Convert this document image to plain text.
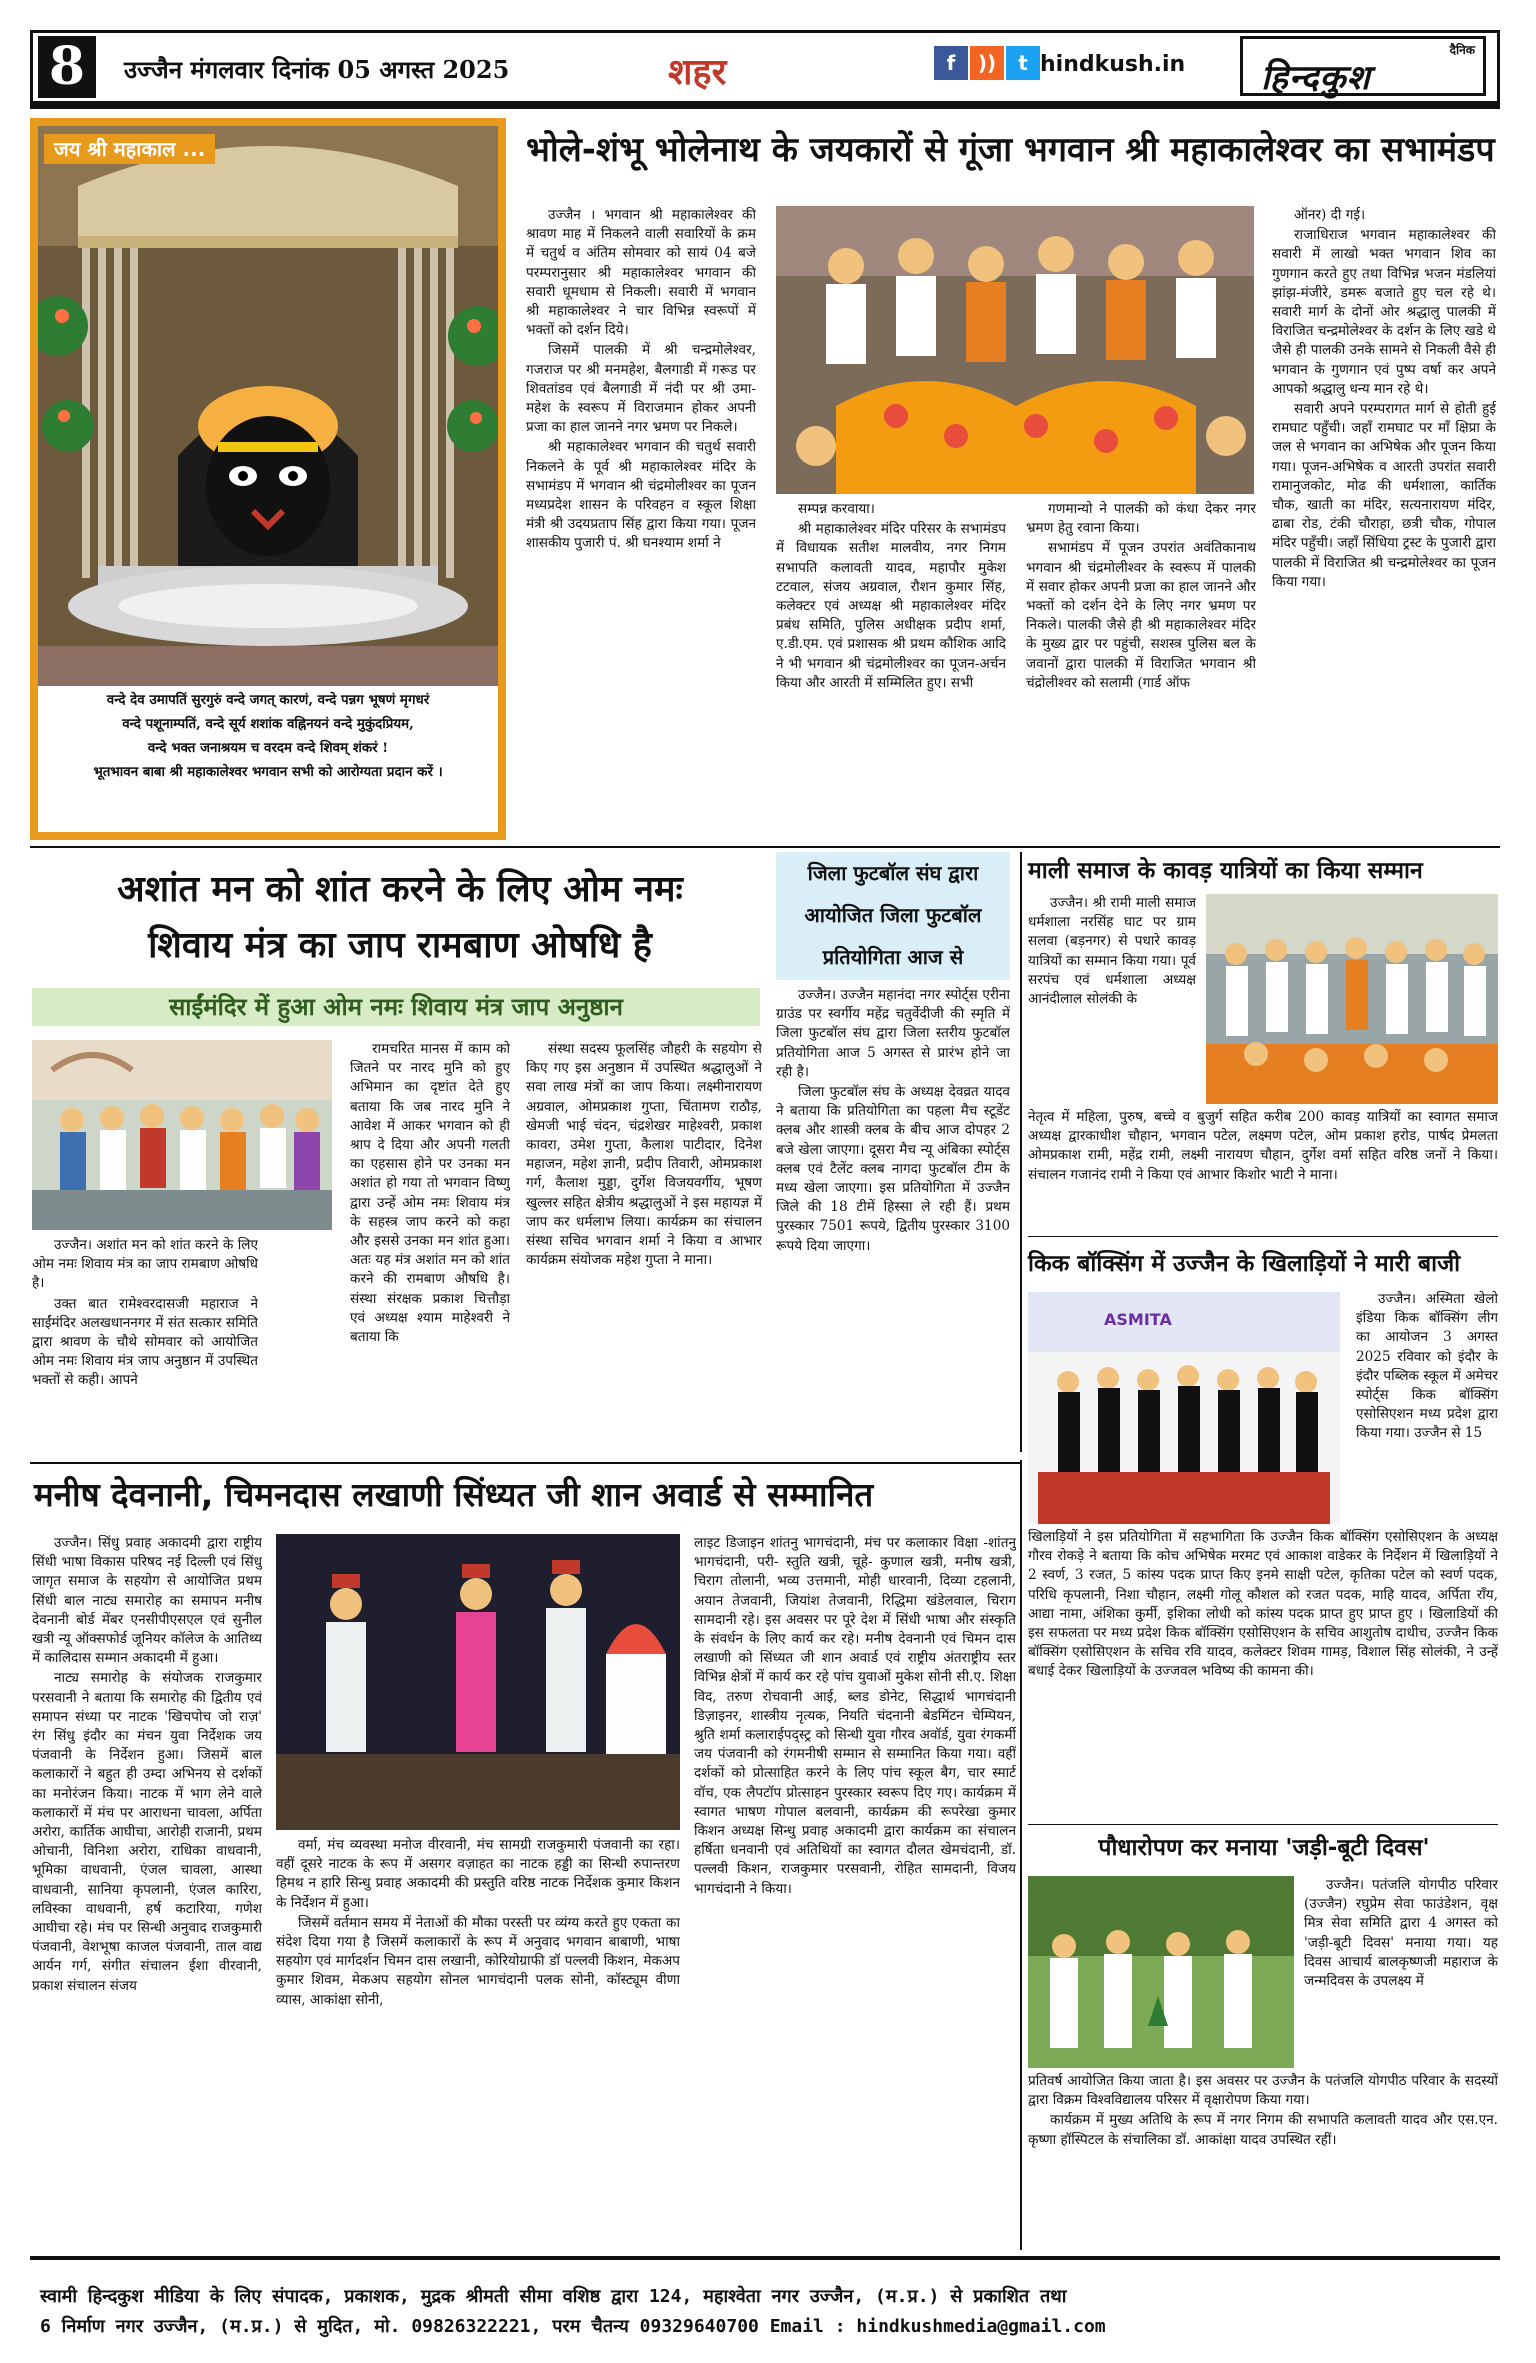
8	उज्जैन मंगलवार दिनांक 05 अगस्त 2025	शहर	f	))	t hindkush.in
दैनिक
हिन्दकुश
जय श्री महाकाल ...
वन्दे देव उमापतिं सुरगुरुं वन्दे जगत् कारणं, वन्दे पन्नग भूषणं मृगधरं
वन्दे पशूनाम्पतिं, वन्दे सूर्य शशांक वह्निनयनं वन्दे मुकुंदप्रियम,
वन्दे भक्त जनाश्रयम च वरदम वन्दे शिवम् शंकरं !
भूतभावन बाबा श्री महाकालेश्वर भगवान सभी को आरोग्यता प्रदान करें ।
भोले-शंभू भोलेनाथ के जयकारों से गूंजा भगवान श्री महाकालेश्वर का सभामंडप

उज्जैन । भगवान श्री महाकालेश्वर की श्रावण माह में निकलने वाली सवारियों के क्रम में चतुर्थ व अंतिम सोमवार को सायं 04 बजे परम्परानुसार श्री महाकालेश्वर भगवान की सवारी धूमधाम से निकली। सवारी में भगवान श्री महाकालेश्वर ने चार विभिन्न स्वरूपों में भक्तों को दर्शन दिये।

जिसमें पालकी में श्री चन्द्रमोलेश्वर, गजराज पर श्री मनमहेश, बैलगाडी में गरूड पर शिवतांडव एवं बैलगाडी में नंदी पर श्री उमा-महेश के स्वरूप में विराजमान होकर अपनी प्रजा का हाल जानने नगर भ्रमण पर निकले।

श्री महाकालेश्वर भगवान की चतुर्थ सवारी निकलने के पूर्व श्री महाकालेश्वर मंदिर के सभामंडप में भगवान श्री चंद्रमोलीश्वर का पूजन मध्यप्रदेश शासन के परिवहन व स्कूल शिक्षा मंत्री श्री उदयप्रताप सिंह द्वारा किया गया। पूजन शासकीय पुजारी पं. श्री घनश्याम शर्मा ने

सम्पन्न करवाया।

श्री महाकालेश्वर मंदिर परिसर के सभामंडप में विधायक सतीश मालवीय, नगर निगम सभापति कलावती यादव, महापौर मुकेश टटवाल, संजय अग्रवाल, रौशन कुमार सिंह, कलेक्टर एवं अध्यक्ष श्री महाकालेश्वर मंदिर प्रबंध समिति, पुलिस अधीक्षक प्रदीप शर्मा, ए.डी.एम. एवं प्रशासक श्री प्रथम कौशिक आदि ने भी भगवान श्री चंद्रमोलीश्वर का पूजन-अर्चन किया और आरती में सम्मिलित हुए। सभी

गणमान्यो ने पालकी को कंधा देकर नगर भ्रमण हेतु रवाना किया।

सभामंडप में पूजन उपरांत अवंतिकानाथ भगवान श्री चंद्रमोलीश्वर के स्वरूप में पालकी में सवार होकर अपनी प्रजा का हाल जानने और भक्तों को दर्शन देने के लिए नगर भ्रमण पर निकले। पालकी जैसे ही श्री महाकालेश्वर मंदिर के मुख्य द्वार पर पहुंची, सशस्त्र पुलिस बल के जवानों द्वारा पालकी में विराजित भगवान श्री चंद्रोलीश्वर को सलामी (गार्ड ऑफ

ऑनर) दी गई।

राजाधिराज भगवान महाकालेश्वर की सवारी में लाखो भक्त भगवान शिव का गुणगान करते हुए तथा विभिन्न भजन मंडलियां झांझ-मंजीरे, डमरू बजाते हुए चल रहे थे। सवारी मार्ग के दोनों ओर श्रद्धालु पालकी में विराजित चन्द्रमोलेश्वर के दर्शन के लिए खडे थे जैसे ही पालकी उनके सामने से निकली वैसे ही भगवान के गुणगान एवं पुष्प वर्षा कर अपने आपको श्रद्धालु धन्य मान रहे थे।

सवारी अपने परम्परागत मार्ग से होती हुई रामघाट पहुँची। जहाँ रामघाट पर माँ क्षिप्रा के जल से भगवान का अभिषेक और पूजन किया गया। पूजन-अभिषेक व आरती उपरांत सवारी रामानुजकोट, मोढ की धर्मशाला, कार्तिक चौक, खाती का मंदिर, सत्यनारायण मंदिर, ढाबा रोड, टंकी चौराहा, छत्री चौक, गोपाल मंदिर पहुँची। जहाँ सिंधिया ट्रस्ट के पुजारी द्वारा पालकी में विराजित श्री चन्द्रमोलेश्वर का पूजन किया गया।

अशांत मन को शांत करने के लिए ओम नमः
शिवाय मंत्र का जाप रामबाण ओषधि है
साईंमंदिर में हुआ ओम नमः शिवाय मंत्र जाप अनुष्ठान

उज्जैन। अशांत मन को शांत करने के लिए ओम नमः शिवाय मंत्र का जाप रामबाण ओषधि है।

उक्त बात रामेश्वरदासजी महाराज ने साईंमंदिर अलखधाननगर में संत सत्कार समिति द्वारा श्रावण के चौथे सोमवार को आयोजित ओम नमः शिवाय मंत्र जाप अनुष्ठान में उपस्थित भक्तों से कही। आपने

रामचरित मानस में काम को जितने पर नारद मुनि को हुए अभिमान का दृष्टांत देते हुए बताया कि जब नारद मुनि ने आवेश में आकर भगवान को ही श्राप दे दिया और अपनी गलती का एहसास होने पर उनका मन अशांत हो गया तो भगवान विष्णु द्वारा उन्हें ओम नमः शिवाय मंत्र के सहस्त्र जाप करने को कहा और इससे उनका मन शांत हुआ। अतः यह मंत्र अशांत मन को शांत करने की रामबाण औषधि है। संस्था संरक्षक प्रकाश चित्तौड़ा एवं अध्यक्ष श्याम माहेश्वरी ने बताया कि

संस्था सदस्य फूलसिंह जौहरी के सहयोग से किए गए इस अनुष्ठान में उपस्थित श्रद्धालुओं ने सवा लाख मंत्रों का जाप किया। लक्ष्मीनारायण अग्रवाल, ओमप्रकाश गुप्ता, चिंतामण राठौड़, खेमजी भाई चंदन, चंद्रशेखर माहेश्वरी, प्रकाश कावरा, उमेश गुप्ता, कैलाश पाटीदार, दिनेश महाजन, महेश ज्ञानी, प्रदीप तिवारी, ओमप्रकाश गर्ग, कैलाश मुड्डा, दुर्गेश विजयवर्गीय, भूषण खुल्लर सहित क्षेत्रीय श्रद्धालुओं ने इस महायज्ञ में जाप कर धर्मलाभ लिया। कार्यक्रम का संचालन संस्था सचिव भगवान शर्मा ने किया व आभार कार्यक्रम संयोजक महेश गुप्ता ने माना।

जिला फुटबॉल संघ द्वारा
आयोजित जिला फुटबॉल
प्रतियोगिता आज से

उज्जैन। उज्जैन महानंदा नगर स्पोर्ट्स एरीना ग्राउंड पर स्वर्गीय महेंद्र चतुर्वेदीजी की स्मृति में जिला फुटबॉल संघ द्वारा जिला स्तरीय फुटबॉल प्रतियोगिता आज 5 अगस्त से प्रारंभ होने जा रही है।

जिला फुटबॉल संघ के अध्यक्ष देवव्रत यादव ने बताया कि प्रतियोगिता का पहला मैच स्टूडेंट क्लब और शास्त्री क्लब के बीच आज दोपहर 2 बजे खेला जाएगा। दूसरा मैच न्यू अंबिका स्पोर्ट्स क्लब एवं टैलेंट क्लब नागदा फुटबॉल टीम के मध्य खेला जाएगा। इस प्रतियोगिता में उज्जैन जिले की 18 टीमें हिस्सा ले रही हैं। प्रथम पुरस्कार 7501 रूपये, द्वितीय पुरस्कार 3100 रूपये दिया जाएगा।

माली समाज के कावड़ यात्रियों का किया सम्मान

उज्जैन। श्री रामी माली समाज धर्मशाला नरसिंह घाट पर ग्राम सलवा (बड़नगर) से पधारे कावड़ यात्रियों का सम्मान किया गया। पूर्व सरपंच एवं धर्मशाला अध्यक्ष आनंदीलाल सोलंकी के

नेतृत्व में महिला, पुरुष, बच्चे व बुजुर्ग सहित करीब 200 कावड़ यात्रियों का स्वागत समाज अध्यक्ष द्वारकाधीश चौहान, भगवान पटेल, लक्ष्मण पटेल, ओम प्रकाश हरोड, पार्षद प्रेमलता ओमप्रकाश रामी, महेंद्र रामी, लक्ष्मी नारायण चौहान, दुर्गेश वर्मा सहित वरिष्ठ जनों ने किया। संचालन गजानंद रामी ने किया एवं आभार किशोर भाटी ने माना।

किक बॉक्सिंग में उज्जैन के खिलाड़ियों ने मारी बाजी
ASMITA

उज्जैन। अस्मिता खेलो इंडिया किक बॉक्सिंग लीग का आयोजन 3 अगस्त 2025 रविवार को इंदौर के इंदौर पब्लिक स्कूल में अमेचर स्पोर्ट्स किक बॉक्सिंग एसोसिएशन मध्य प्रदेश द्वारा किया गया। उज्जैन से 15

खिलाड़ियों ने इस प्रतियोगिता में सहभागिता कि उज्जैन किक बॉक्सिंग एसोसिएशन के अध्यक्ष गौरव रोकड़े ने बताया कि कोच अभिषेक मरमट एवं आकाश वाडेकर के निर्देशन में खिलाड़ियों ने 2 स्वर्ण, 3 रजत, 5 कांस्य पदक प्राप्त किए इनमे साक्षी पटेल, कृतिका पटेल को स्वर्ण पदक, परिधि कृपलानी, निशा चौहान, लक्ष्मी गोलू कौशल को रजत पदक, माहि यादव, अर्पिता राँय, आद्या नामा, अंशिका कुर्मी, इशिका लोधी को कांस्य पदक प्राप्त हुए प्राप्त हुए । खिलाडियों की इस सफलता पर मध्य प्रदेश किक बॉक्सिंग एसोसिएशन के सचिव आशुतोष दाधीच, उज्जैन किक बॉक्सिंग एसोसिएशन के सचिव रवि यादव, कलेक्टर शिवम गामड़, विशाल सिंह सोलंकी, ने उन्हें बधाई देकर खिलाड़ियों के उज्जवल भविष्य की कामना की।

पौधारोपण कर मनाया 'जड़ी-बूटी दिवस'

उज्जैन। पतंजलि योगपीठ परिवार (उज्जैन) रघुप्रेम सेवा फाउंडेशन, वृक्ष मित्र सेवा समिति द्वारा 4 अगस्त को 'जड़ी-बूटी दिवस' मनाया गया। यह दिवस आचार्य बालकृष्णजी महाराज के जन्मदिवस के उपलक्ष्य में

प्रतिवर्ष आयोजित किया जाता है। इस अवसर पर उज्जैन के पतंजलि योगपीठ परिवार के सदस्यों द्वारा विक्रम विश्वविद्यालय परिसर में वृक्षारोपण किया गया।

कार्यक्रम में मुख्य अतिथि के रूप में नगर निगम की सभापति कलावती यादव और एस.एन. कृष्णा हॉस्पिटल के संचालिका डॉ. आकांक्षा यादव उपस्थित रहीं।

मनीष देवनानी, चिमनदास लखाणी सिंध्यत जी शान अवार्ड से सम्मानित

उज्जैन। सिंधु प्रवाह अकादमी द्वारा राष्ट्रीय सिंधी भाषा विकास परिषद नई दिल्ली एवं सिंधु जागृत समाज के सहयोग से आयोजित प्रथम सिंधी बाल नाट्य समारोह का समापन मनीष देवनानी बोर्ड मेंबर एनसीपीएसएल एवं सुनील खत्री न्यू ऑक्सफोर्ड जूनियर कॉलेज के आतिथ्य में कालिदास सम्मान अकादमी में हुआ।

नाट्य समारोह के संयोजक राजकुमार परसवानी ने बताया कि समारोह की द्वितीय एवं समापन संध्या पर नाटक 'खिचपोच जो राज़' रंग सिंधु इंदौर का मंचन युवा निर्देशक जय पंजवानी के निर्देशन हुआ। जिसमें बाल कलाकारों ने बहुत ही उम्दा अभिनय से दर्शकों का मनोरंजन किया। नाटक में भाग लेने वाले कलाकारों में मंच पर आराधना चावला, अर्पिता अरोरा, कार्तिक आघीचा, आरोही राजानी, प्रथम ओचानी, विनिशा अरोरा, राधिका वाधवानी, भूमिका वाधवानी, एंजल चावला, आस्था वाधवानी, सानिया कृपलानी, एंजल कारिरा, लविस्का वाधवानी, हर्ष कटारिया, गणेश आघीचा रहे। मंच पर सिन्धी अनुवाद राजकुमारी पंजवानी, वेशभूषा काजल पंजवानी, ताल वाद्य आर्यन गर्ग, संगीत संचालन ईशा वीरवानी, प्रकाश संचालन संजय

वर्मा, मंच व्यवस्था मनोज वीरवानी, मंच सामग्री राजकुमारी पंजवानी का रहा। वहीं दूसरे नाटक के रूप में असगर वज़ाहत का नाटक हड्डी का सिन्धी रुपान्तरण हिमथ न हारि सिन्धु प्रवाह अकादमी की प्रस्तुति वरिष्ठ नाटक निर्देशक कुमार किशन के निर्देशन में हुआ।

जिसमें वर्तमान समय में नेताओं की मौका परस्ती पर व्यंग्य करते हुए एकता का संदेश दिया गया है जिसमें कलाकारों के रूप में अनुवाद भगवान बाबाणी, भाषा सहयोग एवं मार्गदर्शन चिमन दास लखानी, कोरियोग्राफी डॉ पल्लवी किशन, मेकअप कुमार शिवम, मेकअप सहयोग सोनल भागचंदानी पलक सोनी, कॉस्ट्यूम वीणा व्यास, आकांक्षा सोनी,

लाइट डिजाइन शांतनु भागचंदानी, मंच पर कलाकार विक्षा -शांतनु भागचंदानी, परी- स्तुति खत्री, चूहे- कुणाल खत्री, मनीष खत्री, चिराग तोलानी, भव्य उत्तमानी, मोही धारवानी, दिव्या टहलानी, अयान तेजवानी, जियांश तेजवानी, रिद्धिमा खंडेलवाल, चिराग सामदानी रहे। इस अवसर पर पूरे देश में सिंधी भाषा और संस्कृति के संवर्धन के लिए कार्य कर रहे। मनीष देवनानी एवं चिमन दास लखाणी को सिंध्यत जी शान अवार्ड एवं राष्ट्रीय अंतराष्ट्रीय स्तर विभिन्न क्षेत्रों में कार्य कर रहे पांच युवाओं मुकेश सोनी सी.ए. शिक्षा विद, तरुण रोचवानी आई, ब्लड डोनेट, सिद्धार्थ भागचंदानी डिज़ाइनर, शास्त्रीय नृत्यक, नियति चंदनानी बेडमिंटन चेम्पियन, श्रुति शर्मा कलाराईपद्स्ट्र को सिन्धी युवा गौरव अवॉर्ड, युवा रंगकर्मी जय पंजवानी को रंगमनीषी सम्मान से सम्मानित किया गया। वहीं दर्शकों को प्रोत्साहित करने के लिए पांच स्कूल बैग, चार स्मार्ट वॉच, एक लैपटॉप प्रोत्साहन पुरस्कार स्वरूप दिए गए। कार्यक्रम में स्वागत भाषण गोपाल बलवानी, कार्यक्रम की रूपरेखा कुमार किशन अध्यक्ष सिन्धु प्रवाह अकादमी द्वारा कार्यक्रम का संचालन हर्षिता धनवानी एवं अतिथियों का स्वागत दौलत खेमचंदानी, डॉ. पल्लवी किशन, राजकुमार परसवानी, रोहित सामदानी, विजय भागचंदानी ने किया।

स्वामी हिन्दकुश मीडिया के लिए संपादक, प्रकाशक, मुद्रक श्रीमती सीमा वशिष्ठ द्वारा 124, महाश्वेता नगर उज्जैन, (म.प्र.) से प्रकाशित तथा
6 निर्माण नगर उज्जैन, (म.प्र.) से मुदित, मो. 09826322221, परम चैतन्य 09329640700 Email : hindkushmedia@gmail.com
